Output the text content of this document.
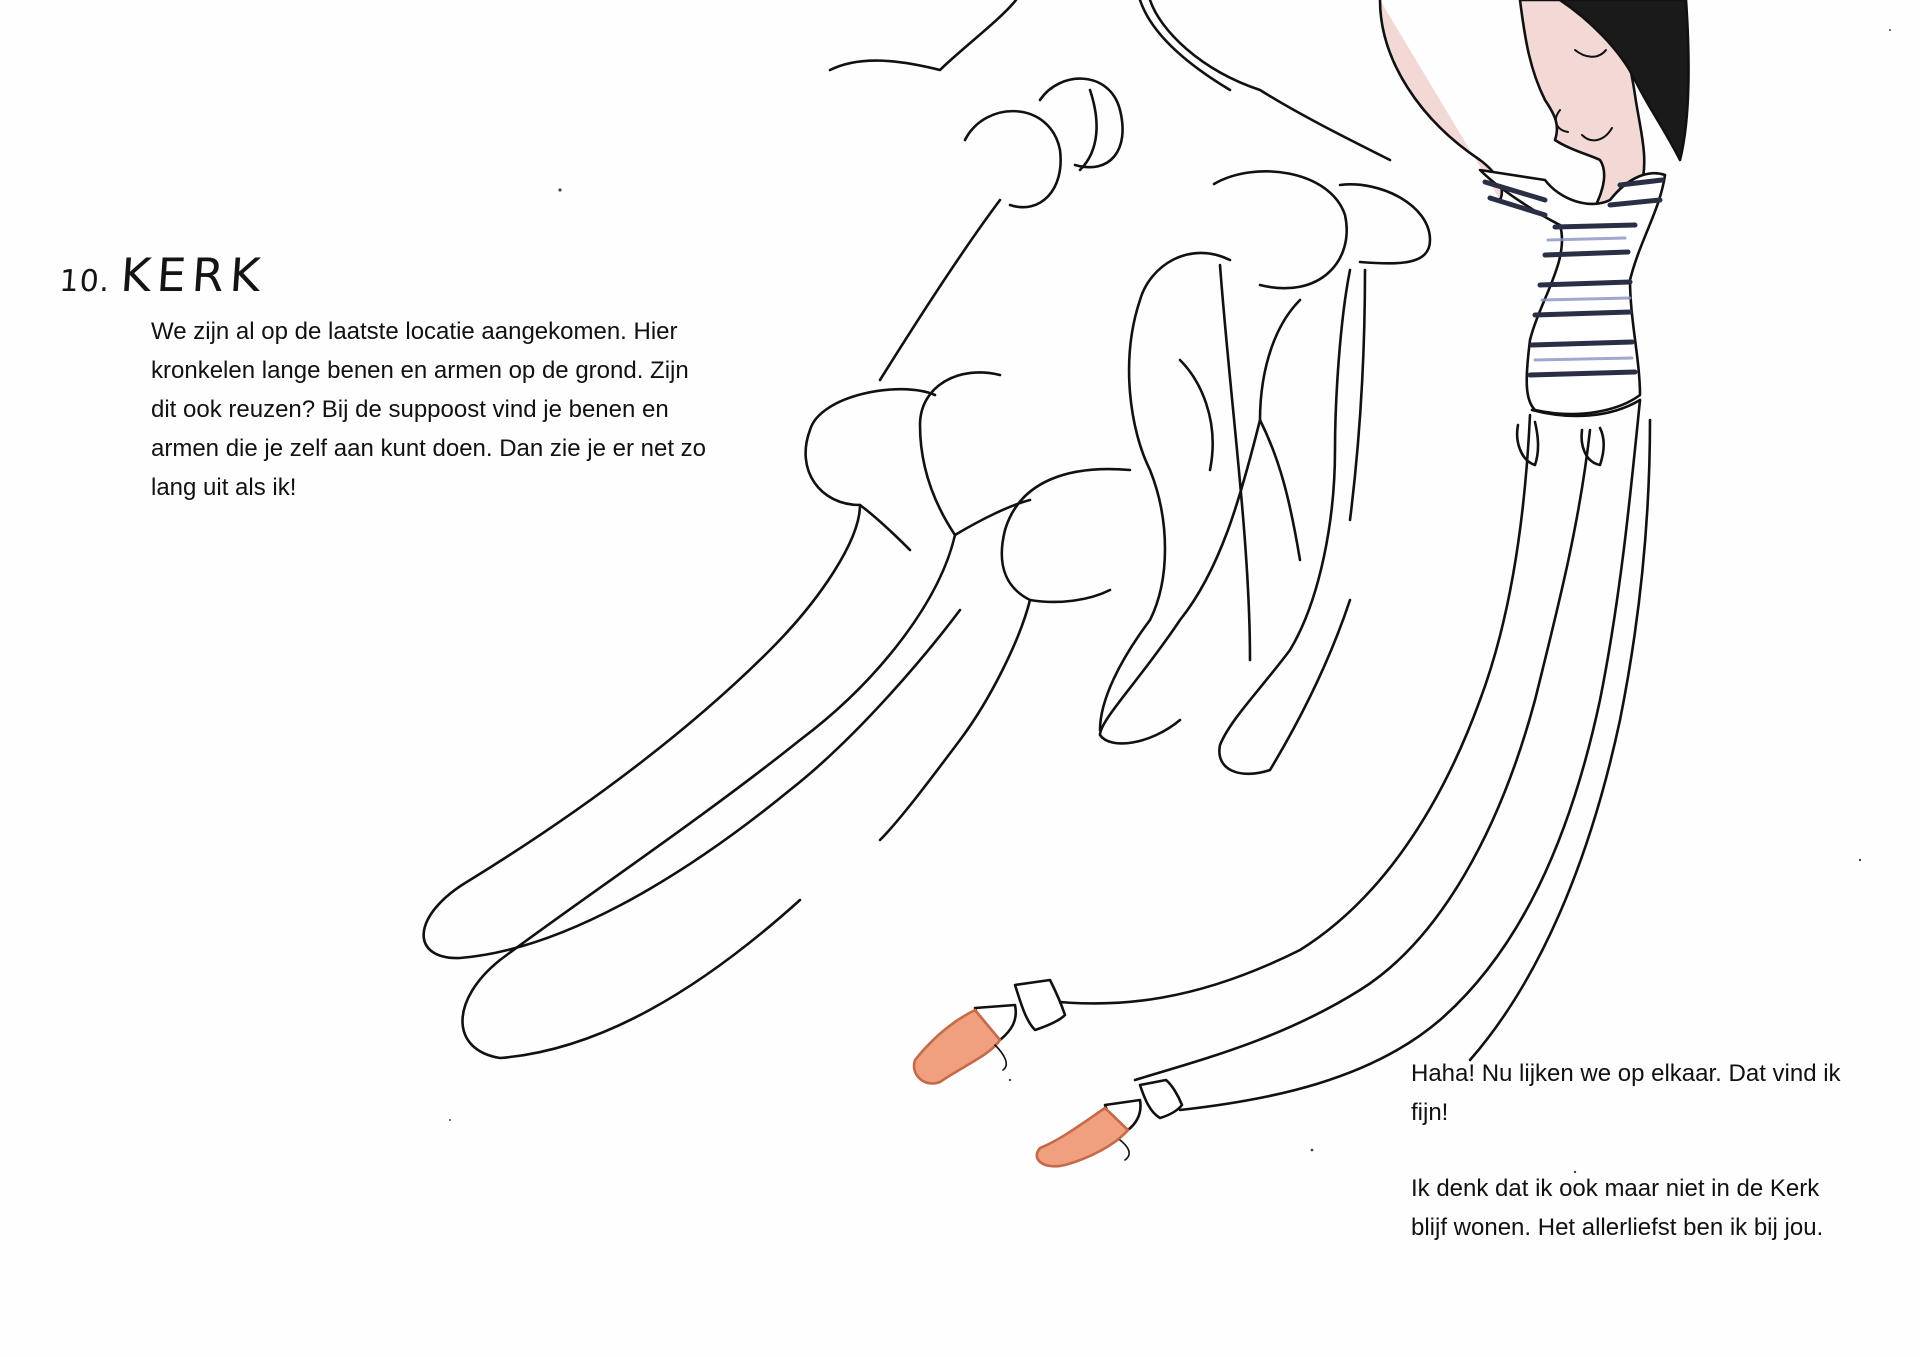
10. KERK

We zijn al op de laatste locatie aangekomen. Hier kronkelen lange benen en armen op de grond. Zijn dit ook reuzen? Bij de suppoost vind je benen en armen die je zelf aan kunt doen. Dan zie je er net zo lang uit als ik!

Haha! Nu lijken we op elkaar. Dat vind ik fijn!

Ik denk dat ik ook maar niet in de Kerk blijf wonen. Het allerliefst ben ik bij jou.
